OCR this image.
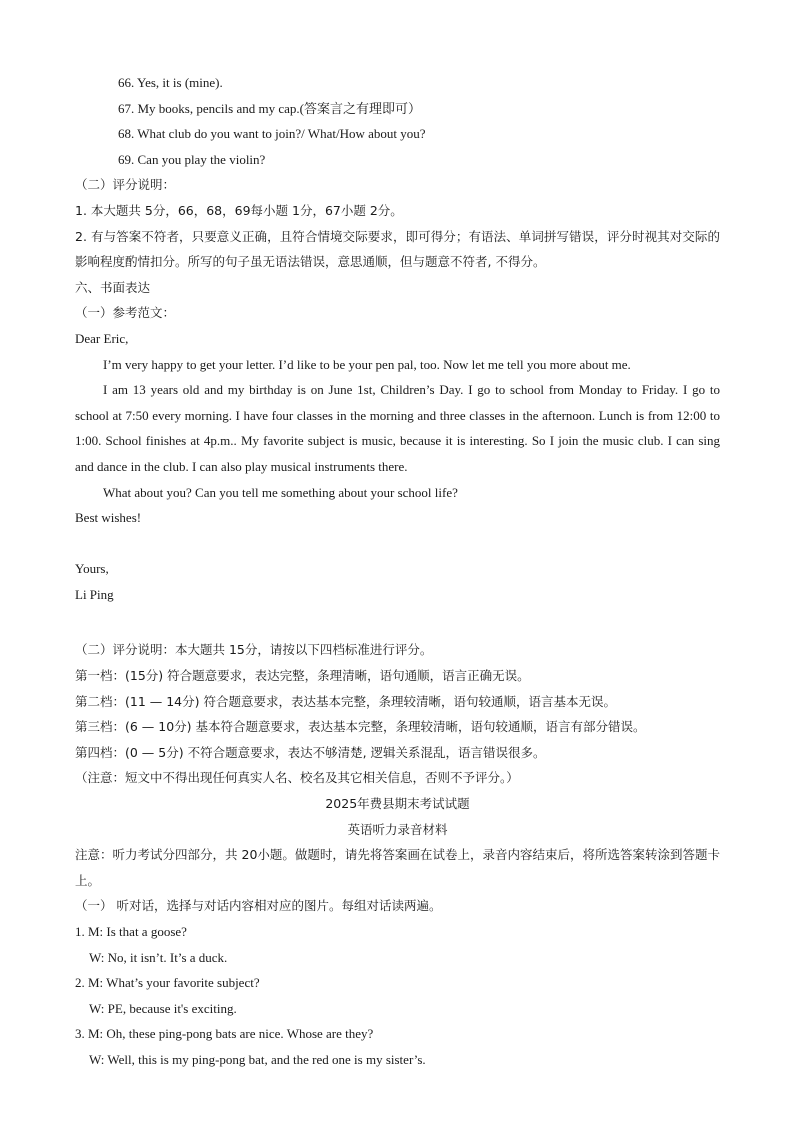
66. Yes, it is (mine).
67. My books, pencils and my cap.(答案言之有理即可）
68. What club do you want to join?/ What/How about you?
69. Can you play the violin?
（二）评分说明：
1. 本大题共 5分，66，68，69每小题 1分，67小题 2分。
2. 有与答案不符者，只要意义正确，且符合情境交际要求，即可得分；有语法、单词拼写错误，评分时视其对交际的影响程度酌情扣分。所写的句子虽无语法错误，意思通顺，但与题意不符者, 不得分。
六、书面表达
（一）参考范文：
Dear Eric,
I’m very happy to get your letter. I’d like to be your pen pal, too. Now let me tell you more about me.
I am 13 years old and my birthday is on June 1st, Children’s Day. I go to school from Monday to Friday. I go to school at 7:50 every morning. I have four classes in the morning and three classes in the afternoon. Lunch is from 12:00 to 1:00. School finishes at 4p.m.. My favorite subject is music, because it is interesting. So I join the music club. I can sing and dance in the club. I can also play musical instruments there.
What about you? Can you tell me something about your school life?
Best wishes!
Yours,
Li Ping
（二）评分说明：本大题共 15分，请按以下四档标准进行评分。
第一档：(15分) 符合题意要求，表达完整，条理清晰，语句通顺，语言正确无误。
第二档：(11 — 14分) 符合题意要求，表达基本完整，条理较清晰，语句较通顺，语言基本无误。
第三档：(6 — 10分) 基本符合题意要求，表达基本完整，条理较清晰，语句较通顺，语言有部分错误。
第四档：(0 — 5分) 不符合题意要求，表达不够清楚, 逻辑关系混乱，语言错误很多。
（注意：短文中不得出现任何真实人名、校名及其它相关信息，否则不予评分。）
2025年费县期末考试试题
英语听力录音材料
注意：听力考试分四部分，共 20小题。做题时，请先将答案画在试卷上，录音内容结束后，将所选答案转涂到答题卡上。
（一） 听对话，选择与对话内容相对应的图片。每组对话读两遍。
1. M: Is that a goose?
W: No, it isn’t. It’s a duck.
2. M: What’s your favorite subject?
W: PE, because it's exciting.
3. M: Oh, these ping-pong bats are nice. Whose are they?
W: Well, this is my ping-pong bat, and the red one is my sister’s.
